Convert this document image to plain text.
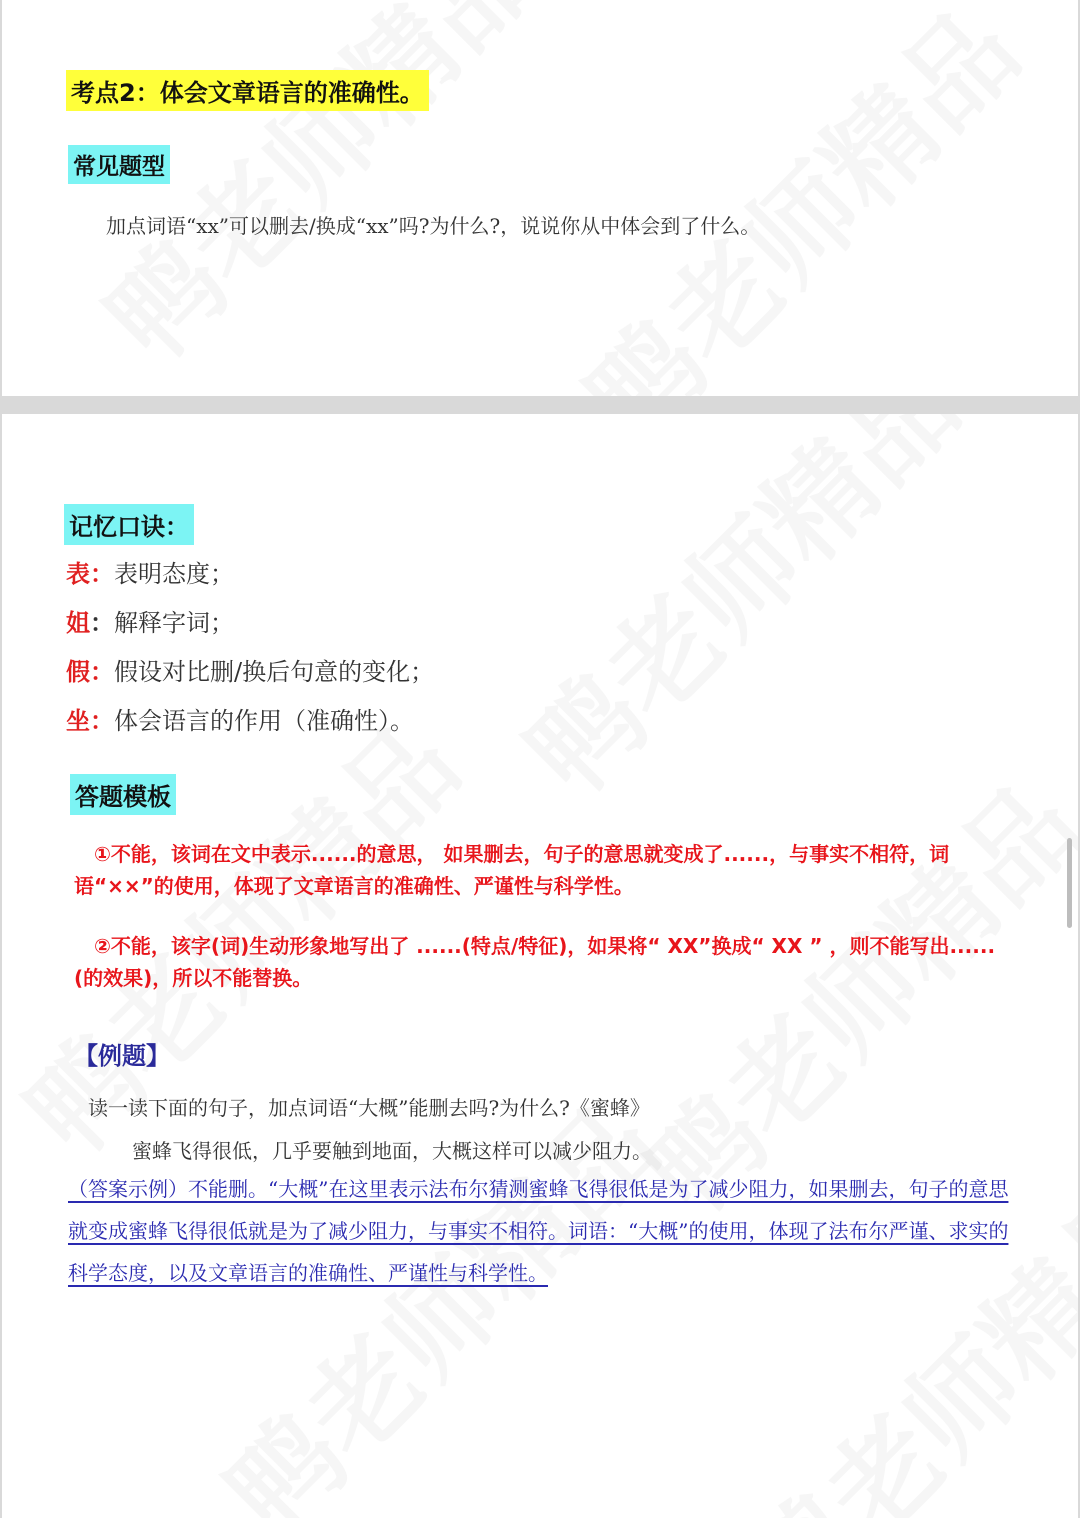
考点2：体会文章语言的准确性。
常见题型
加点词语“xx”可以删去/换成“xx”吗?为什么?，说说你从中体会到了什么。
记忆口诀：
表：表明态度；
姐：解释字词；
假：假设对比删/换后句意的变化；
坐：体会语言的作用（准确性）。
答题模板
①不能，该词在文中表示......的意思， 如果删去，句子的意思就变成了......，与事实不相符，词语“××”的使用，体现了文章语言的准确性、严谨性与科学性。
②不能，该字(词)生动形象地写出了 ......(特点/特征)，如果将“ XX”换成“ XX ” ，则不能写出...... (的效果)，所以不能替换。
【例题】
读一读下面的句子，加点词语“大概”能删去吗?为什么?《蜜蜂》
蜜蜂飞得很低，几乎要触到地面，大概这样可以减少阻力。
（答案示例）不能删。“大概”在这里表示法布尔猜测蜜蜂飞得很低是为了减少阻力，如果删去，句子的意思就变成蜜蜂飞得很低就是为了减少阻力，与事实不相符。词语：“大概”的使用，体现了法布尔严谨、求实的科学态度，以及文章语言的准确性、严谨性与科学性。
